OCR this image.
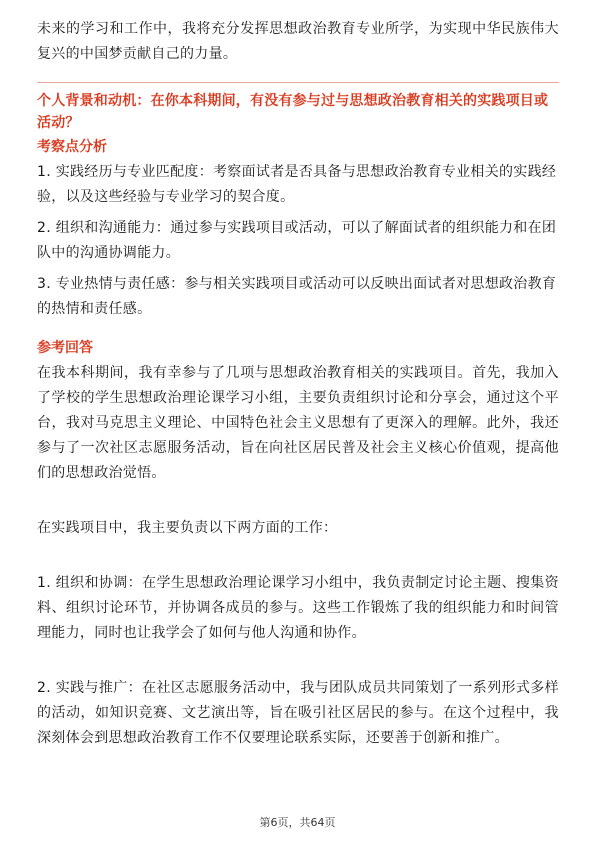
未来的学习和工作中，我将充分发挥思想政治教育专业所学，为实现中华民族伟大复兴的中国梦贡献自己的力量。

个人背景和动机：在你本科期间，有没有参与过与思想政治教育相关的实践项目或活动？

考察点分析

1. 实践经历与专业匹配度：考察面试者是否具备与思想政治教育专业相关的实践经验，以及这些经验与专业学习的契合度。

2. 组织和沟通能力：通过参与实践项目或活动，可以了解面试者的组织能力和在团队中的沟通协调能力。

3. 专业热情与责任感：参与相关实践项目或活动可以反映出面试者对思想政治教育的热情和责任感。

参考回答

在我本科期间，我有幸参与了几项与思想政治教育相关的实践项目。首先，我加入了学校的学生思想政治理论课学习小组，主要负责组织讨论和分享会，通过这个平台，我对马克思主义理论、中国特色社会主义思想有了更深入的理解。此外，我还参与了一次社区志愿服务活动，旨在向社区居民普及社会主义核心价值观，提高他们的思想政治觉悟。

在实践项目中，我主要负责以下两方面的工作：

1. 组织和协调：在学生思想政治理论课学习小组中，我负责制定讨论主题、搜集资料、组织讨论环节，并协调各成员的参与。这些工作锻炼了我的组织能力和时间管理能力，同时也让我学会了如何与他人沟通和协作。

2. 实践与推广：在社区志愿服务活动中，我与团队成员共同策划了一系列形式多样的活动，如知识竞赛、文艺演出等，旨在吸引社区居民的参与。在这个过程中，我深刻体会到思想政治教育工作不仅要理论联系实际，还要善于创新和推广。

第6页，共64页
